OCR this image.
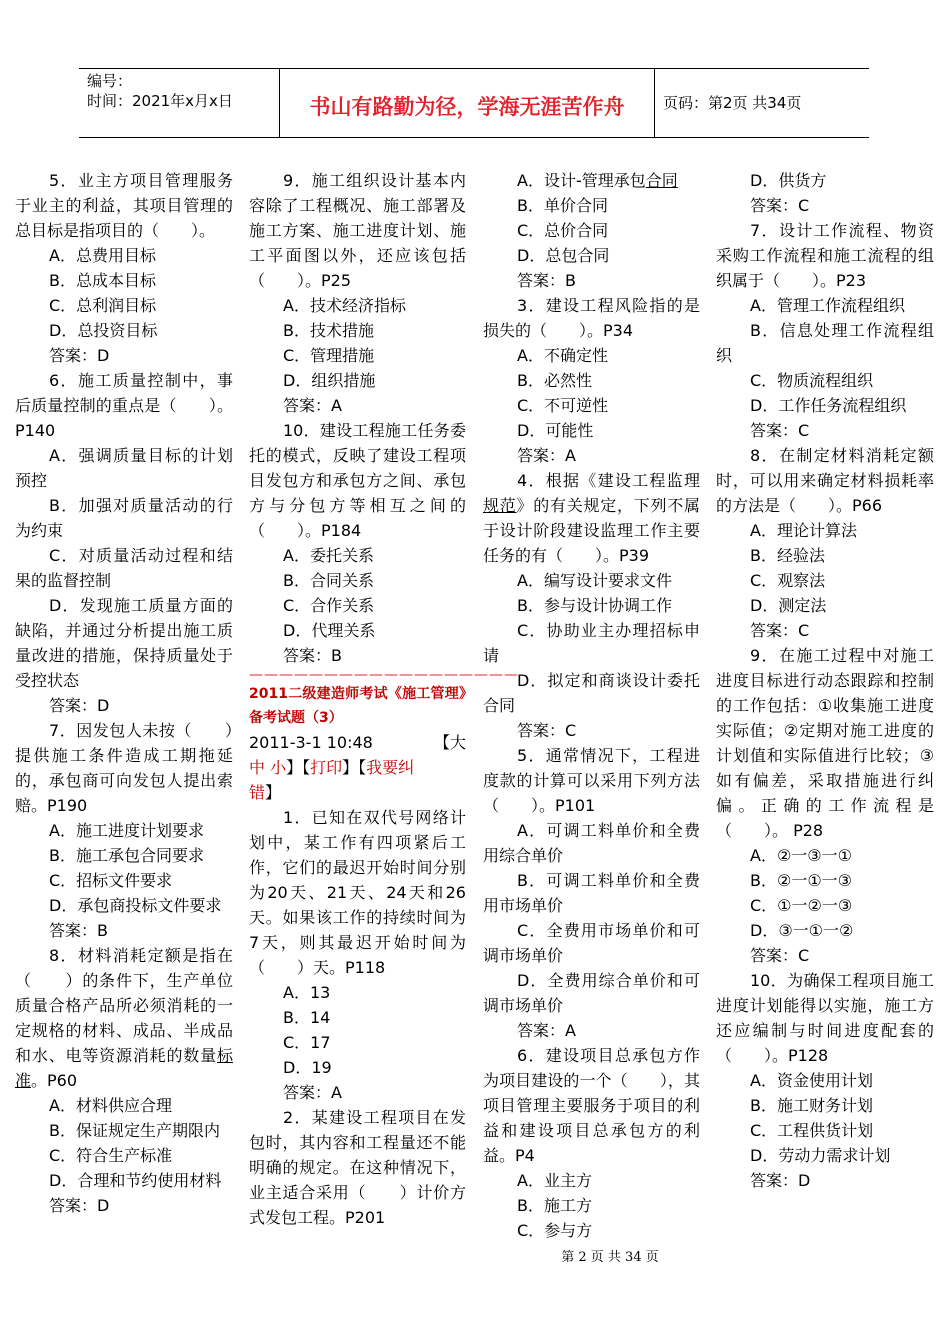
编号：
时间：2021年x月x日	书山有路勤为径，学海无涯苦作舟	页码：第2页 共34页

5．业主方项目管理服务于业主的利益，其项目管理的总目标是指项目的（　　）。

A．总费用目标

B．总成本目标

C．总利润目标

D．总投资目标

答案：D

6．施工质量控制中，事后质量控制的重点是（　　）。P140

A．强调质量目标的计划预控

B．加强对质量活动的行为约束

C．对质量活动过程和结果的监督控制

D．发现施工质量方面的缺陷，并通过分析提出施工质量改进的措施，保持质量处于受控状态

答案：D

7．因发包人未按（　　）提供施工条件造成工期拖延的，承包商可向发包人提出索赔。P190

A．施工进度计划要求

B．施工承包合同要求

C．招标文件要求

D．承包商投标文件要求

答案：B

8．材料消耗定额是指在（　　）的条件下，生产单位质量合格产品所必须消耗的一定规格的材料、成品、半成品和水、电等资源消耗的数量标准。P60

A．材料供应合理

B．保证规定生产期限内

C．符合生产标准

D．合理和节约使用材料

答案：D

9．施工组织设计基本内容除了工程概况、施工部署及施工方案、施工进度计划、施工平面图以外，还应该包括（　　）。P25

A．技术经济指标

B．技术措施

C．管理措施

D．组织措施

答案：A

10．建设工程施工任务委托的模式，反映了建设工程项目发包方和承包方之间、承包方与分包方等相互之间的（　　）。P184

A．委托关系

B．合同关系

C．合作关系

D．代理关系

答案：B

——————————————————

2011二级建造师考试《施工管理》备考试题（3）

2011-3-1 10:48	【大

中 小】【打印】【我要纠

错】

1．已知在双代号网络计划中，某工作有四项紧后工作，它们的最迟开始时间分别为20天、21天、24天和26天。如果该工作的持续时间为7天，则其最迟开始时间为（　　）天。P118

A．13

B．14

C．17

D．19

答案：A

2．某建设工程项目在发包时，其内容和工程量还不能明确的规定。在这种情况下，业主适合采用（　　）计价方式发包工程。P201

A．设计-管理承包合同

B．单价合同

C．总价合同

D．总包合同

答案：B

3．建设工程风险指的是损失的（　　）。P34

A．不确定性

B．必然性

C．不可逆性

D．可能性

答案：A

4．根据《建设工程监理规范》的有关规定，下列不属于设计阶段建设监理工作主要任务的有（　　）。P39

A．编写设计要求文件

B．参与设计协调工作

C．协助业主办理招标申请

D．拟定和商谈设计委托合同

答案：C

5．通常情况下，工程进度款的计算可以采用下列方法（　　）。P101

A．可调工料单价和全费用综合单价

B．可调工料单价和全费用市场单价

C．全费用市场单价和可调市场单价

D．全费用综合单价和可调市场单价

答案：A

6．建设项目总承包方作为项目建设的一个（　　），其项目管理主要服务于项目的利益和建设项目总承包方的利益。P4

A．业主方

B．施工方

C．参与方

D．供货方

答案：C

7．设计工作流程、物资采购工作流程和施工流程的组织属于（　　）。P23

A．管理工作流程组织

B．信息处理工作流程组织

C．物质流程组织

D．工作任务流程组织

答案：C

8．在制定材料消耗定额时，可以用来确定材料损耗率的方法是（　　）。P66

A．理论计算法

B．经验法

C．观察法

D．测定法

答案：C

9．在施工过程中对施工进度目标进行动态跟踪和控制的工作包括：①收集施工进度实际值；②定期对施工进度的计划值和实际值进行比较；③如有偏差，采取措施进行纠偏。正确的工作流程是（　　）。 P28

A．②一③一①

B．②一①一③

C．①一②一③

D．③一①一②

答案：C

10．为确保工程项目施工进度计划能得以实施，施工方还应编制与时间进度配套的（　　）。P128

A．资金使用计划

B．施工财务计划

C．工程供货计划

D．劳动力需求计划

答案：D

第 2 页 共 34 页
